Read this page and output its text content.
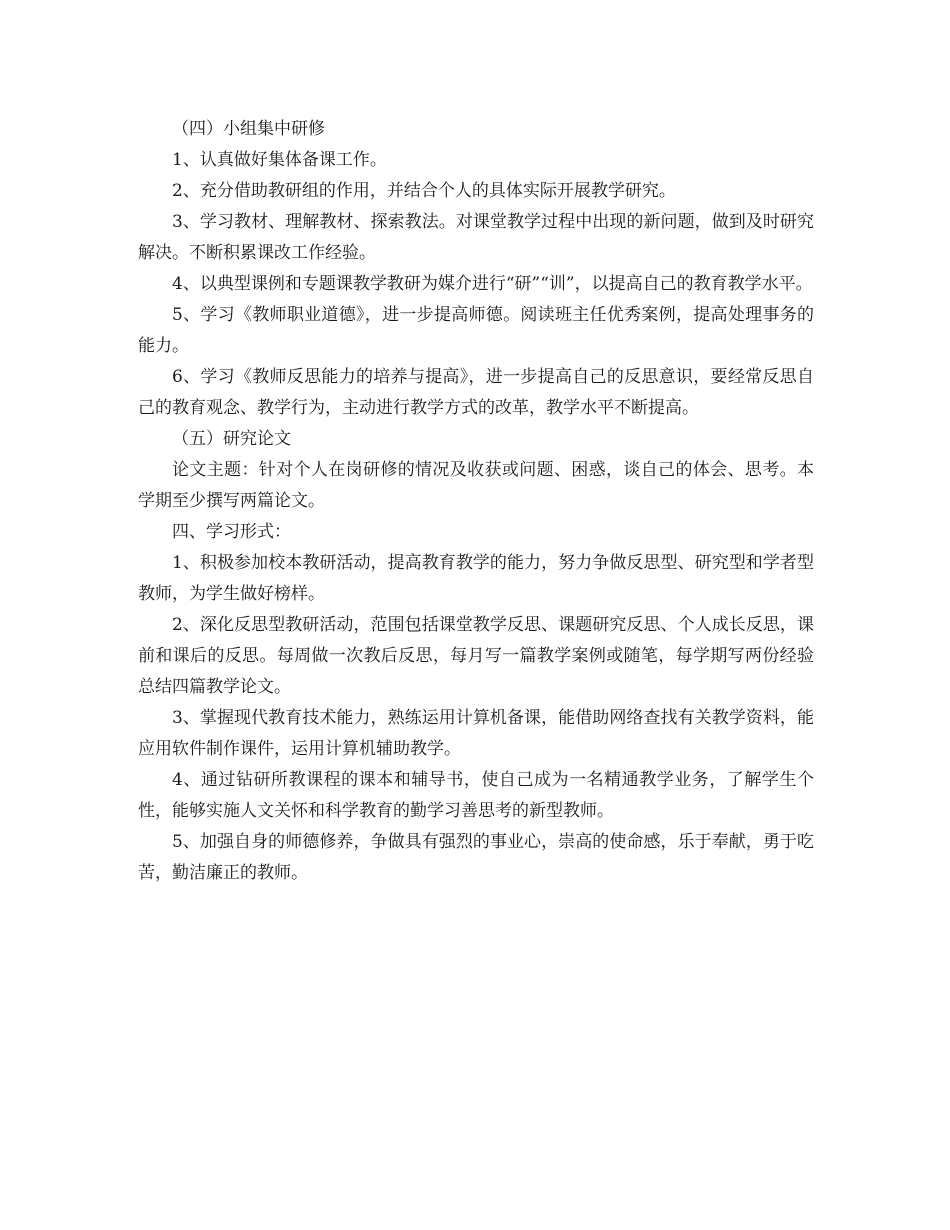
（四）小组集中研修

1、认真做好集体备课工作。

2、充分借助教研组的作用，并结合个人的具体实际开展教学研究。

3、学习教材、理解教材、探索教法。对课堂教学过程中出现的新问题，做到及时研究解决。不断积累课改工作经验。

4、以典型课例和专题课教学教研为媒介进行“研”“训”，以提高自己的教育教学水平。

5、学习《教师职业道德》，进一步提高师德。阅读班主任优秀案例，提高处理事务的能力。

6、学习《教师反思能力的培养与提高》，进一步提高自己的反思意识，要经常反思自己的教育观念、教学行为，主动进行教学方式的改革，教学水平不断提高。

（五）研究论文

论文主题：针对个人在岗研修的情况及收获或问题、困惑，谈自己的体会、思考。本学期至少撰写两篇论文。

四、学习形式：

1、积极参加校本教研活动，提高教育教学的能力，努力争做反思型、研究型和学者型教师，为学生做好榜样。

2、深化反思型教研活动，范围包括课堂教学反思、课题研究反思、个人成长反思，课前和课后的反思。每周做一次教后反思，每月写一篇教学案例或随笔，每学期写两份经验总结四篇教学论文。

3、掌握现代教育技术能力，熟练运用计算机备课，能借助网络查找有关教学资料，能应用软件制作课件，运用计算机辅助教学。

4、通过钻研所教课程的课本和辅导书，使自己成为一名精通教学业务，了解学生个性，能够实施人文关怀和科学教育的勤学习善思考的新型教师。

5、加强自身的师德修养，争做具有强烈的事业心，崇高的使命感，乐于奉献，勇于吃苦，勤洁廉正的教师。
